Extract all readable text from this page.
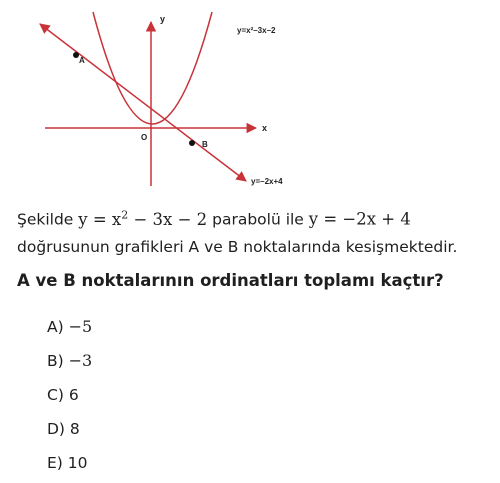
y
x
O
y=x²–3x–2
y=–2x+4
A
B
Şekilde $y = x^2 - 3x - 2$ parabolü ile y = −2x + 4
doğrusunun grafikleri A ve B noktalarında kesişmektedir.
A ve B noktalarının ordinatları toplamı kaçtır?
A) −5
B) −3
C) 6
D) 8
E) 10
